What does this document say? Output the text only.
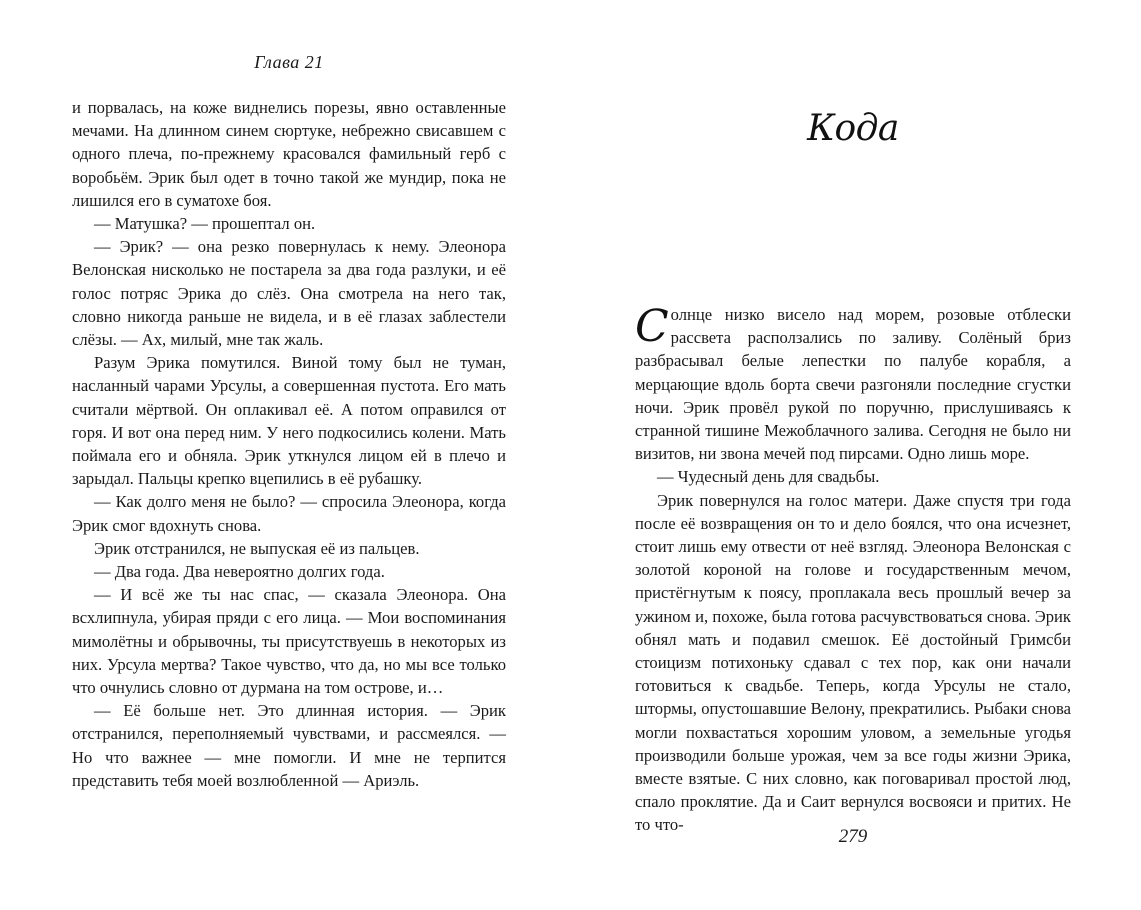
Глава 21

и порвалась, на коже виднелись порезы, явно оставленные мечами. На длинном синем сюртуке, небрежно свисавшем с одного плеча, по-прежнему красовался фамильный герб с воробьём. Эрик был одет в точно такой же мундир, пока не лишился его в суматохе боя.

— Матушка? — прошептал он.

— Эрик? — она резко повернулась к нему. Элеонора Велонская нисколько не постарела за два года разлуки, и её голос потряс Эрика до слёз. Она смотрела на него так, словно никогда раньше не видела, и в её глазах заблестели слёзы. — Ах, милый, мне так жаль.

Разум Эрика помутился. Виной тому был не туман, насланный чарами Урсулы, а совершенная пустота. Его мать считали мёртвой. Он оплакивал её. А потом оправился от горя. И вот она перед ним. У него подкосились колени. Мать поймала его и обняла. Эрик уткнулся лицом ей в плечо и зарыдал. Пальцы крепко вцепились в её рубашку.

— Как долго меня не было? — спросила Элеонора, когда Эрик смог вдохнуть снова.

Эрик отстранился, не выпуская её из пальцев.

— Два года. Два невероятно долгих года.

— И всё же ты нас спас, — сказала Элеонора. Она всхлипнула, убирая пряди с его лица. — Мои воспоминания мимолётны и обрывочны, ты присутствуешь в некоторых из них. Урсула мертва? Такое чувство, что да, но мы все только что очнулись словно от дурмана на том острове, и…

— Её больше нет. Это длинная история. — Эрик отстранился, переполняемый чувствами, и рассмеялся. — Но что важнее — мне помогли. И мне не терпится представить тебя моей возлюбленной — Ариэль.

Кода

Солнце низко висело над морем, розовые отблески рассвета расползались по заливу. Солёный бриз разбрасывал белые лепестки по палубе корабля, а мерцающие вдоль борта свечи разгоняли последние сгустки ночи. Эрик провёл рукой по поручню, прислушиваясь к странной тишине Межоблачного залива. Сегодня не было ни визитов, ни звона мечей под пирсами. Одно лишь море.

— Чудесный день для свадьбы.

Эрик повернулся на голос матери. Даже спустя три года после её возвращения он то и дело боялся, что она исчезнет, стоит лишь ему отвести от неё взгляд. Элеонора Велонская с золотой короной на голове и государственным мечом, пристёгнутым к поясу, проплакала весь прошлый вечер за ужином и, похоже, была готова расчувствоваться снова. Эрик обнял мать и подавил смешок. Её достойный Гримсби стоицизм потихоньку сдавал с тех пор, как они начали готовиться к свадьбе. Теперь, когда Урсулы не стало, штормы, опустошавшие Велону, прекратились. Рыбаки снова могли похвастаться хорошим уловом, а земельные угодья производили больше урожая, чем за все годы жизни Эрика, вместе взятые. С них словно, как поговаривал простой люд, спало проклятие. Да и Саит вернулся восвояси и притих. Не то что-

279
